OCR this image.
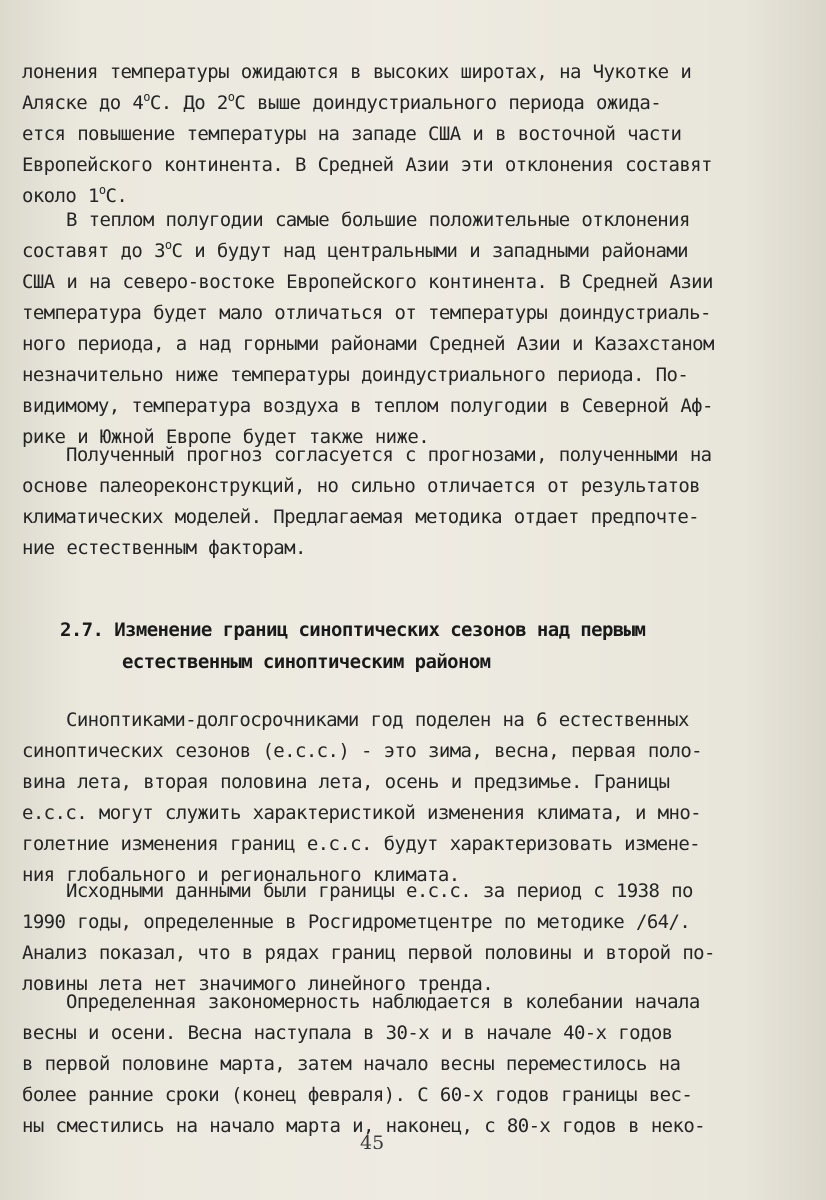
лонения температуры ожидаются в высоких широтах, на Чукотке и
Аляске до 4$^o$С. До 2$^o$С выше доиндустриального периода ожида-
ется повышение температуры на западе США и в восточной части
Европейского континента. В Средней Азии эти отклонения составят
около 1$^o$С.
В теплом полугодии самые большие положительные отклонения
составят до 3$^o$С и будут над центральными и западными районами
США и на северо-востоке Европейского континента. В Средней Азии
температура будет мало отличаться от температуры доиндустриаль-
ного периода, а над горными районами Средней Азии и Казахстаном
незначительно ниже температуры доиндустриального периода. По-
видимому, температура воздуха в теплом полугодии в Северной Аф-
рике и Южной Европе будет также ниже.
Полученный прогноз согласуется с прогнозами, полученными на
основе палеореконструкций, но сильно отличается от результатов
климатических моделей. Предлагаемая методика отдает предпочте-
ние естественным факторам.
2.7. Изменение границ синоптических сезонов над первым
естественным синоптическим районом
Синоптиками-долгосрочниками год поделен на 6 естественных
синоптических сезонов (е.с.с.) - это зима, весна, первая поло-
вина лета, вторая половина лета, осень и предзимье. Границы
е.с.с. могут служить характеристикой изменения климата, и мно-
голетние изменения границ е.с.с. будут характеризовать измене-
ния глобального и регионального климата.
Исходными данными были границы е.с.с. за период с 1938 по
1990 годы, определенные в Росгидрометцентре по методике /64/.
Анализ показал, что в рядах границ первой половины и второй по-
ловины лета нет значимого линейного тренда.
Определенная закономерность наблюдается в колебании начала
весны и осени. Весна наступала в 30-х и в начале 40-х годов
в первой половине марта, затем начало весны переместилось на
более ранние сроки (конец февраля). С 60-х годов границы вес-
ны сместились на начало марта и, наконец, с 80-х годов в неко-
45
